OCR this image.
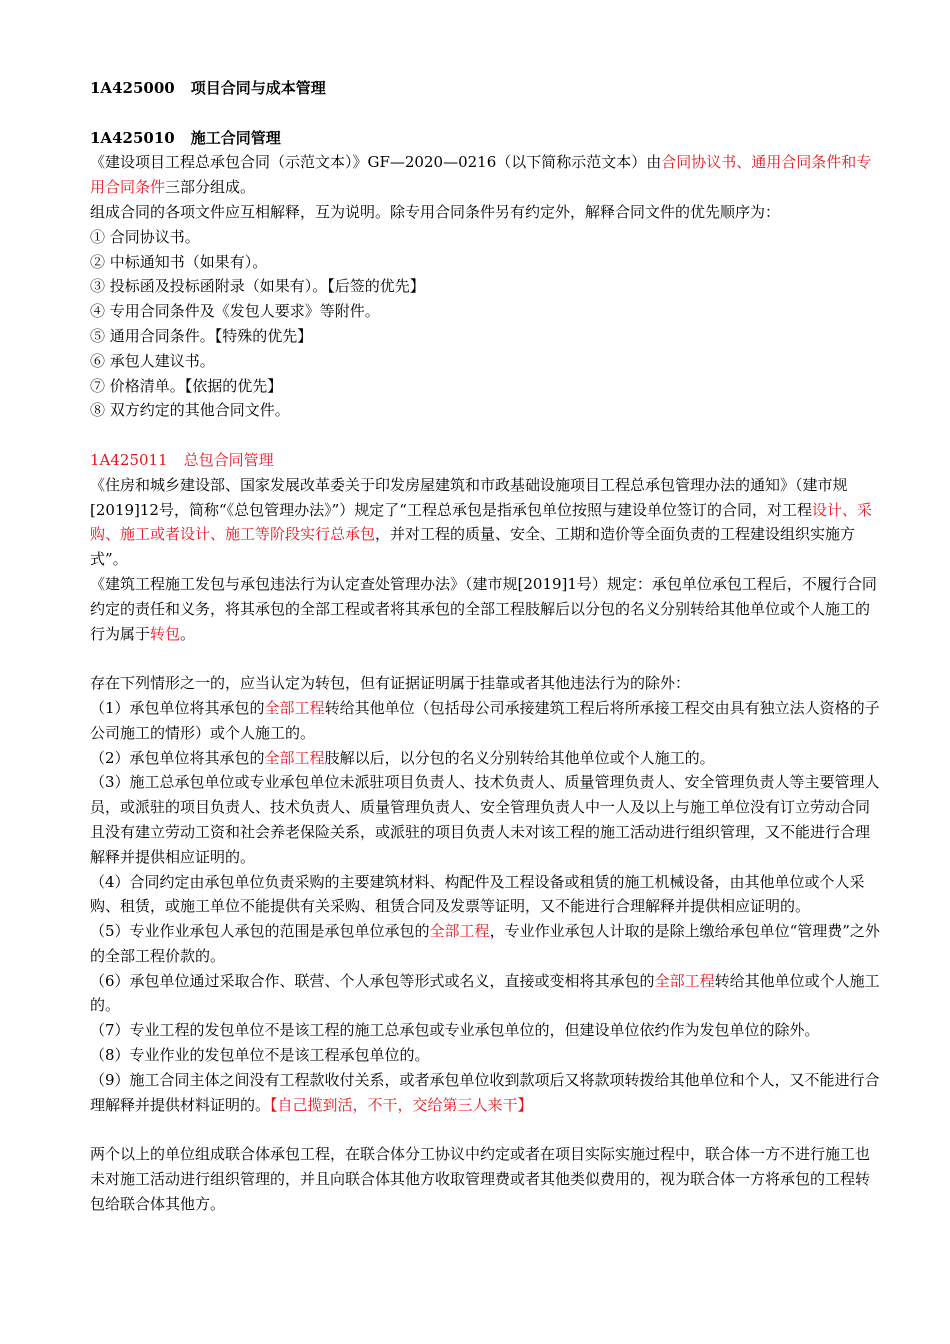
1A425000 项目合同与成本管理

1A425010 施工合同管理

《建设项目工程总承包合同（示范文本）》GF—2020—0216（以下简称示范文本）由合同协议书、通用合同条件和专用合同条件三部分组成。

组成合同的各项文件应互相解释，互为说明。除专用合同条件另有约定外，解释合同文件的优先顺序为：

① 合同协议书。

② 中标通知书（如果有）。

③ 投标函及投标函附录（如果有）。【后签的优先】

④ 专用合同条件及《发包人要求》等附件。

⑤ 通用合同条件。【特殊的优先】

⑥ 承包人建议书。

⑦ 价格清单。【依据的优先】

⑧ 双方约定的其他合同文件。

1A425011 总包合同管理

《住房和城乡建设部、国家发展改革委关于印发房屋建筑和市政基础设施项目工程总承包管理办法的通知》（建市规[2019]12号，简称“《总包管理办法》”）规定了“工程总承包是指承包单位按照与建设单位签订的合同，对工程设计、采购、施工或者设计、施工等阶段实行总承包，并对工程的质量、安全、工期和造价等全面负责的工程建设组织实施方式”。

《建筑工程施工发包与承包违法行为认定查处管理办法》（建市规[2019]1号）规定：承包单位承包工程后，不履行合同约定的责任和义务，将其承包的全部工程或者将其承包的全部工程肢解后以分包的名义分别转给其他单位或个人施工的行为属于转包。

存在下列情形之一的，应当认定为转包，但有证据证明属于挂靠或者其他违法行为的除外：

（1）承包单位将其承包的全部工程转给其他单位（包括母公司承接建筑工程后将所承接工程交由具有独立法人资格的子公司施工的情形）或个人施工的。

（2）承包单位将其承包的全部工程肢解以后，以分包的名义分别转给其他单位或个人施工的。

（3）施工总承包单位或专业承包单位未派驻项目负责人、技术负责人、质量管理负责人、安全管理负责人等主要管理人员，或派驻的项目负责人、技术负责人、质量管理负责人、安全管理负责人中一人及以上与施工单位没有订立劳动合同且没有建立劳动工资和社会养老保险关系，或派驻的项目负责人未对该工程的施工活动进行组织管理，又不能进行合理解释并提供相应证明的。

（4）合同约定由承包单位负责采购的主要建筑材料、构配件及工程设备或租赁的施工机械设备，由其他单位或个人采购、租赁，或施工单位不能提供有关采购、租赁合同及发票等证明，又不能进行合理解释并提供相应证明的。

（5）专业作业承包人承包的范围是承包单位承包的全部工程，专业作业承包人计取的是除上缴给承包单位“管理费”之外的全部工程价款的。

（6）承包单位通过采取合作、联营、个人承包等形式或名义，直接或变相将其承包的全部工程转给其他单位或个人施工的。

（7）专业工程的发包单位不是该工程的施工总承包或专业承包单位的，但建设单位依约作为发包单位的除外。

（8）专业作业的发包单位不是该工程承包单位的。

（9）施工合同主体之间没有工程款收付关系，或者承包单位收到款项后又将款项转拨给其他单位和个人，又不能进行合理解释并提供材料证明的。【自己揽到活，不干，交给第三人来干】

两个以上的单位组成联合体承包工程，在联合体分工协议中约定或者在项目实际实施过程中，联合体一方不进行施工也未对施工活动进行组织管理的，并且向联合体其他方收取管理费或者其他类似费用的，视为联合体一方将承包的工程转包给联合体其他方。
